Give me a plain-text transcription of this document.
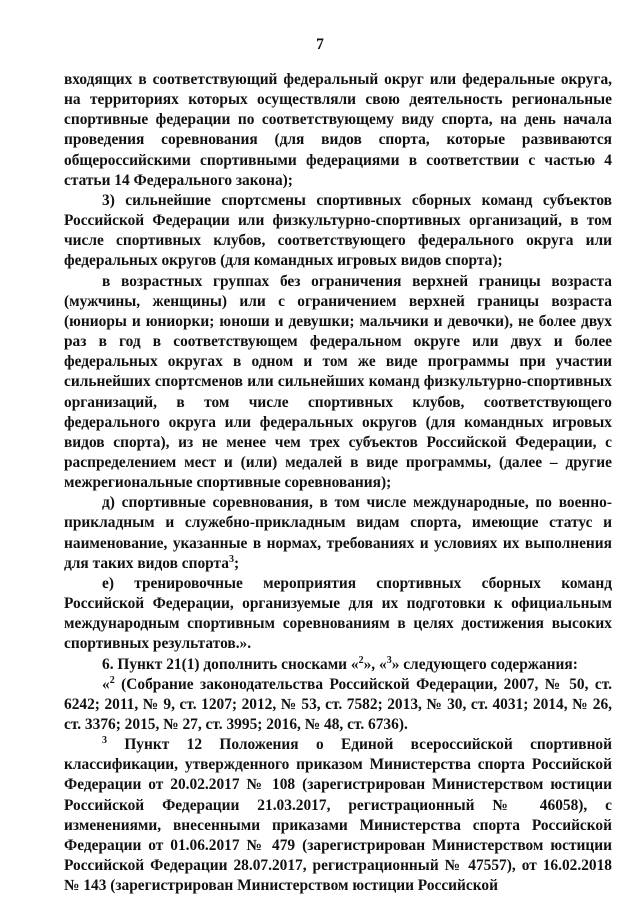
7

входящих в соответствующий федеральный округ или федеральные округа, на территориях которых осуществляли свою деятельность региональные спортивные федерации по соответствующему виду спорта, на день начала проведения соревнования (для видов спорта, которые развиваются общероссийскими спортивными федерациями в соответствии с частью 4 статьи 14 Федерального закона);

3) сильнейшие спортсмены спортивных сборных команд субъектов Российской Федерации или физкультурно-спортивных организаций, в том числе спортивных клубов, соответствующего федерального округа или федеральных округов (для командных игровых видов спорта);

в возрастных группах без ограничения верхней границы возраста (мужчины, женщины) или с ограничением верхней границы возраста (юниоры и юниорки; юноши и девушки; мальчики и девочки), не более двух раз в год в соответствующем федеральном округе или двух и более федеральных округах в одном и том же виде программы при участии сильнейших спортсменов или сильнейших команд физкультурно-спортивных организаций, в том числе спортивных клубов, соответствующего федерального округа или федеральных округов (для командных игровых видов спорта), из не менее чем трех субъектов Российской Федерации, с распределением мест и (или) медалей в виде программы, (далее – другие межрегиональные спортивные соревнования);

д) спортивные соревнования, в том числе международные, по военно-прикладным и служебно-прикладным видам спорта, имеющие статус и наименование, указанные в нормах, требованиях и условиях их выполнения для таких видов спорта$^3$;

е) тренировочные мероприятия спортивных сборных команд Российской Федерации, организуемые для их подготовки к официальным международным спортивным соревнованиям в целях достижения высоких спортивных результатов.».

6. Пункт 21(1) дополнить сносками «$^2$», «$^3$» следующего содержания:

«$^2$ (Собрание законодательства Российской Федерации, 2007, № 50, ст. 6242; 2011, № 9, ст. 1207; 2012, № 53, ст. 7582; 2013, № 30, ст. 4031; 2014, № 26, ст. 3376; 2015, № 27, ст. 3995; 2016, № 48, ст. 6736).

$^3$ Пункт 12 Положения о Единой всероссийской спортивной классификации, утвержденного приказом Министерства спорта Российской Федерации от 20.02.2017 № 108 (зарегистрирован Министерством юстиции Российской Федерации 21.03.2017, регистрационный № 46058), с изменениями, внесенными приказами Министерства спорта Российской Федерации от 01.06.2017 № 479 (зарегистрирован Министерством юстиции Российской Федерации 28.07.2017, регистрационный № 47557), от 16.02.2018 № 143 (зарегистрирован Министерством юстиции Российской
